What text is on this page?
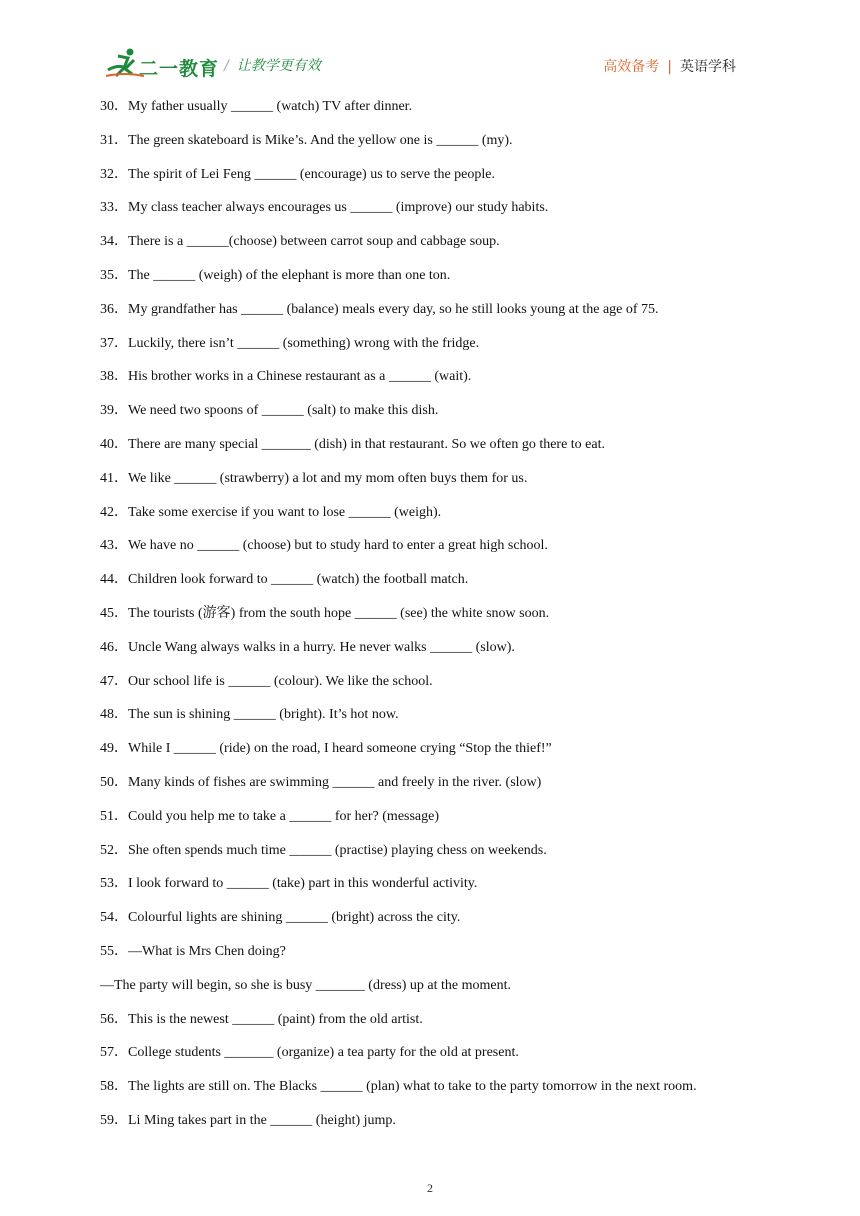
二一教育 / 让教学更有效	高效备考 | 英语学科
30．My father usually ______ (watch) TV after dinner.
31．The green skateboard is Mike’s. And the yellow one is ______ (my).
32．The spirit of Lei Feng ______ (encourage) us to serve the people.
33．My class teacher always encourages us ______ (improve) our study habits.
34．There is a ______(choose) between carrot soup and cabbage soup.
35．The ______ (weigh) of the elephant is more than one ton.
36．My grandfather has ______ (balance) meals every day, so he still looks young at the age of 75.
37．Luckily, there isn’t ______ (something) wrong with the fridge.
38．His brother works in a Chinese restaurant as a ______ (wait).
39．We need two spoons of ______ (salt) to make this dish.
40．There are many special _______ (dish) in that restaurant. So we often go there to eat.
41．We like ______ (strawberry) a lot and my mom often buys them for us.
42．Take some exercise if you want to lose ______ (weigh).
43．We have no ______ (choose) but to study hard to enter a great high school.
44．Children look forward to ______ (watch) the football match.
45．The tourists (游客) from the south hope ______ (see) the white snow soon.
46．Uncle Wang always walks in a hurry. He never walks ______ (slow).
47．Our school life is ______ (colour). We like the school.
48．The sun is shining ______ (bright). It’s hot now.
49．While I ______ (ride) on the road, I heard someone crying “Stop the thief!”
50．Many kinds of fishes are swimming ______ and freely in the river. (slow)
51．Could you help me to take a ______ for her? (message)
52．She often spends much time ______ (practise) playing chess on weekends.
53．I look forward to ______ (take) part in this wonderful activity.
54．Colourful lights are shining ______ (bright) across the city.
55．—What is Mrs Chen doing?
—The party will begin, so she is busy _______ (dress) up at the moment.
56．This is the newest ______ (paint) from the old artist.
57．College students _______ (organize) a tea party for the old at present.
58．The lights are still on. The Blacks ______ (plan) what to take to the party tomorrow in the next room.
59．Li Ming takes part in the ______ (height) jump.
2
